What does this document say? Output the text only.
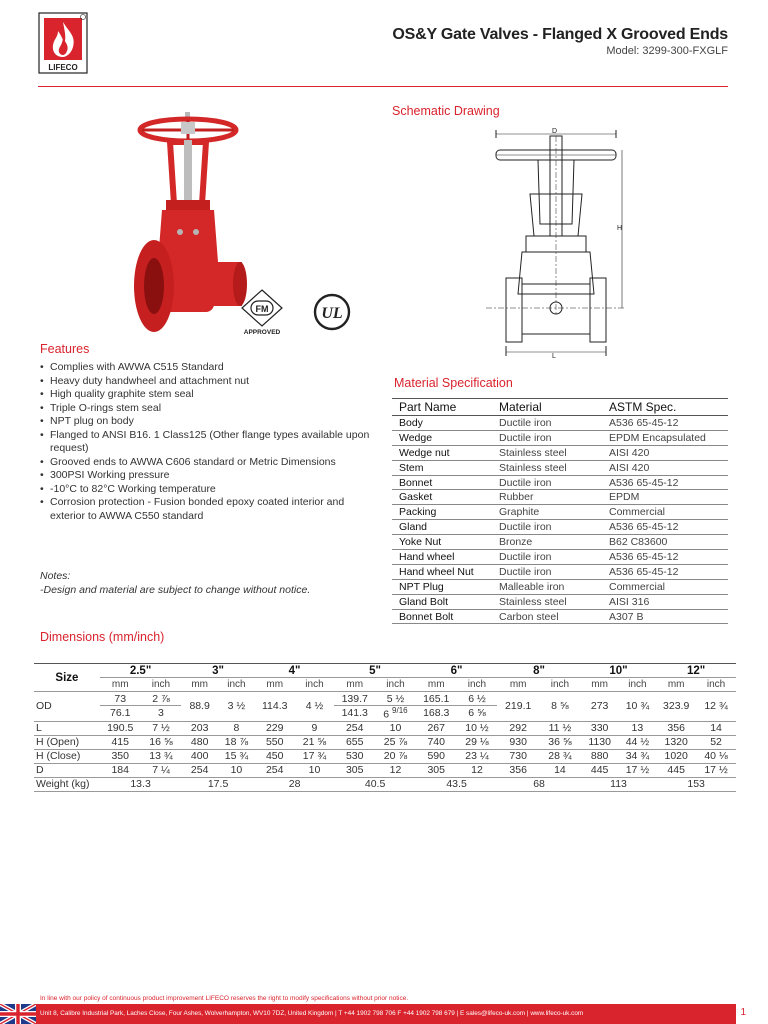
LIFECO
OS&Y Gate Valves - Flanged X Grooved Ends
Model: 3299-300-FXGLF
FM
APPROVED
UL
Schematic Drawing
D
L
H
Features
• Complies with AWWA C515 Standard
• Heavy duty handwheel and attachment nut
• High quality graphite stem seal
• Triple O-rings stem seal
• NPT plug on body
• Flanged to ANSI B16. 1 Class125 (Other flange types available upon request)
• Grooved ends to AWWA C606 standard or Metric Dimensions
• 300PSI Working pressure
• -10°C to 82°C Working temperature
• Corrosion protection - Fusion bonded epoxy coated interior and exterior to AWWA C550 standard
Notes:
-Design and material are subject to change without notice.
Material Specification
Part Name	Material	ASTM Spec.
Body	Ductile iron	A536 65-45-12
Wedge	Ductile iron	EPDM Encapsulated
Wedge nut	Stainless steel	AISI 420
Stem	Stainless steel	AISI 420
Bonnet	Ductile iron	A536 65-45-12
Gasket	Rubber	EPDM
Packing	Graphite	Commercial
Gland	Ductile iron	A536 65-45-12
Yoke Nut	Bronze	B62 C83600
Hand wheel	Ductile iron	A536 65-45-12
Hand wheel Nut	Ductile iron	A536 65-45-12
NPT Plug	Malleable iron	Commercial
Gland Bolt	Stainless steel	AISI 316
Bonnet Bolt	Carbon steel	A307 B
Dimensions (mm/inch)
Size	2.5"		3"		4"		5"		6"		8"		10"		12"	
	mm	inch	mm	inch	mm	inch	mm	inch	mm	inch	mm	inch	mm	inch	mm	inch
OD	73	2 ⅞	88.9	3 ½	114.3	4 ½	139.7	5 ½	165.1	6 ½	219.1	8 ⅝	273	10 ¾	323.9	12 ¾
	76.1	3					141.3	6 $^{9/16}$	168.3	6 ⅝						
L	190.5	7 ½	203	8	229	9	254	10	267	10 ½	292	11 ½	330	13	356	14
H (Open)	415	16 ⅝	480	18 ⅞	550	21 ⅝	655	25 ⅞	740	29 ⅛	930	36 ⅝	1130	44 ½	1320	52
H (Close)	350	13 ¾	400	15 ¾	450	17 ¾	530	20 ⅞	590	23 ¼	730	28 ¾	880	34 ¾	1020	40 ⅛
D	184	7 ¼	254	10	254	10	305	12	305	12	356	14	445	17 ½	445	17 ½
Weight (kg)	13.3		17.5		28		40.5		43.5		68		113		153	
In line with our policy of continuous product improvement LIFECO reserves the right to modify specifications without prior notice.
Unit 8, Calibre Industrial Park, Laches Close, Four Ashes, Wolverhampton, WV10 7DZ, United Kingdom | T +44 1902 798 706 F +44 1902 798 679 | E sales@lifeco-uk.com | www.lifeco-uk.com	1
